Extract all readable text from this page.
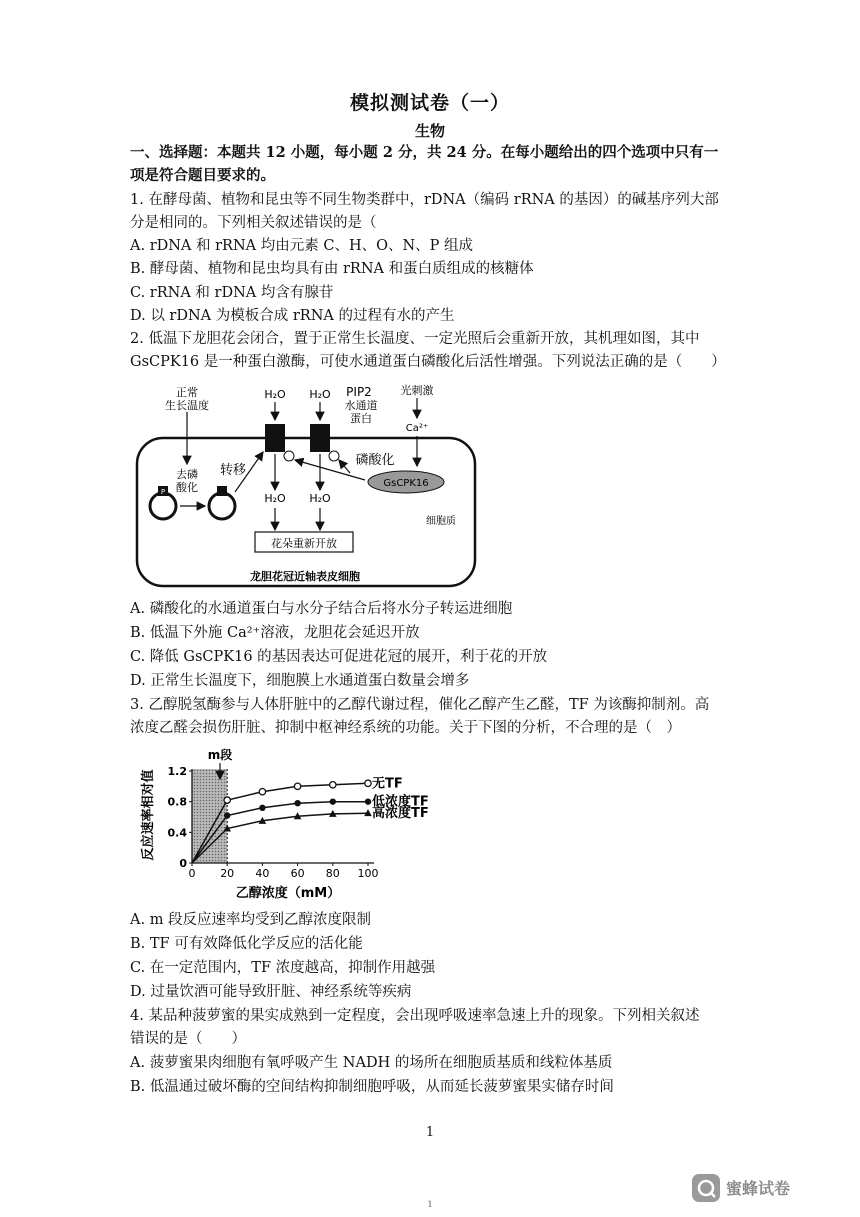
模拟测试卷（一）
生物
一、选择题：本题共 12 小题，每小题 2 分，共 24 分。在每小题给出的四个选项中只有一
项是符合题目要求的。
1. 在酵母菌、植物和昆虫等不同生物类群中，rDNA（编码 rRNA 的基因）的碱基序列大部
分是相同的。下列相关叙述错误的是（
A. rDNA 和 rRNA 均由元素 C、H、O、N、P 组成
B. 酵母菌、植物和昆虫均具有由 rRNA 和蛋白质组成的核糖体
C. rRNA 和 rDNA 均含有腺苷
D. 以 rDNA 为模板合成 rRNA 的过程有水的产生
2. 低温下龙胆花会闭合，置于正常生长温度、一定光照后会重新开放，其机理如图，其中
GsCPK16 是一种蛋白激酶，可使水通道蛋白磷酸化后活性增强。下列说法正确的是（　　）
正常
生长温度
去磷
酸化
P
转移
H₂O H₂O PIP2
水通道
蛋白
H₂O H₂O
花朵重新开放
光刺激
Ca²⁺
GsCPK16
磷酸化
细胞质
龙胆花冠近轴表皮细胞
A. 磷酸化的水通道蛋白与水分子结合后将水分子转运进细胞
B. 低温下外施 Ca²⁺溶液，龙胆花会延迟开放
C. 降低 GsCPK16 的基因表达可促进花冠的展开，利于花的开放
D. 正常生长温度下，细胞膜上水通道蛋白数量会增多
3. 乙醇脱氢酶参与人体肝脏中的乙醇代谢过程，催化乙醇产生乙醛，TF 为该酶抑制剂。高
浓度乙醛会损伤肝脏、抑制中枢神经系统的功能。关于下图的分析，不合理的是（　）
0 20 40 60 80 100
0
0.4
0.8
1.2
无TF
低浓度TF
高浓度TF
反应速率相对值
乙醇浓度（mM）
m段
A. m 段反应速率均受到乙醇浓度限制
B. TF 可有效降低化学反应的活化能
C. 在一定范围内，TF 浓度越高，抑制作用越强
D. 过量饮酒可能导致肝脏、神经系统等疾病
4. 某品种菠萝蜜的果实成熟到一定程度，会出现呼吸速率急速上升的现象。下列相关叙述
错误的是（　　）
A. 菠萝蜜果肉细胞有氧呼吸产生 NADH 的场所在细胞质基质和线粒体基质
B. 低温通过破坏酶的空间结构抑制细胞呼吸，从而延长菠萝蜜果实储存时间
1
1
蜜蜂试卷
